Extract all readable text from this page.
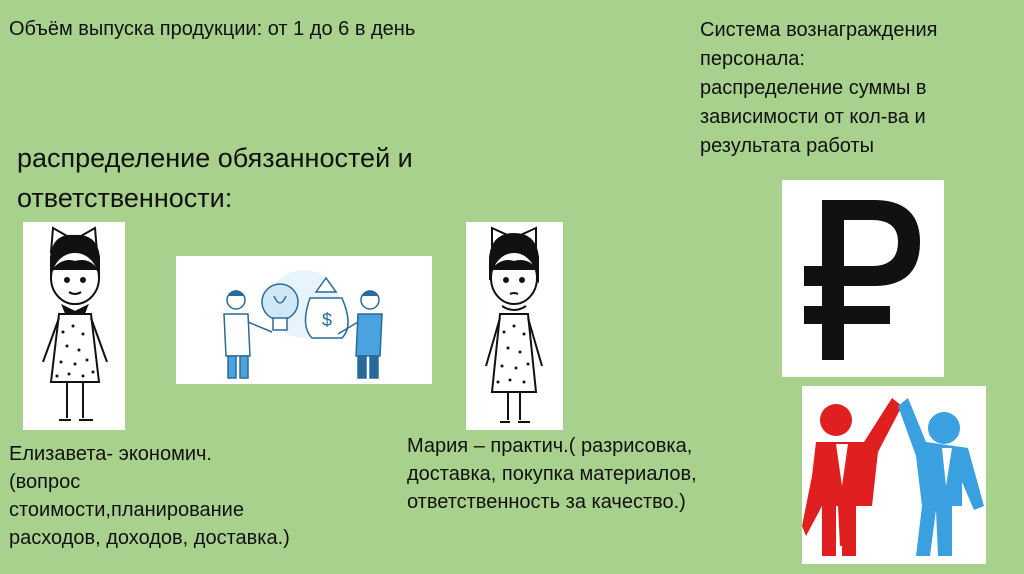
Объём выпуска продукции: от 1 до 6 в день	Система вознаграждения
персонала:
распределение суммы в
зависимости от кол-ва и
результата работы
распределение обязанностей и
ответственности:
$
Елизавета- экономич.
(вопрос
стоимости,планирование
расходов, доходов, доставка.)
Мария – практич.( разрисовка,
доставка, покупка материалов,
ответственность за качество.)
